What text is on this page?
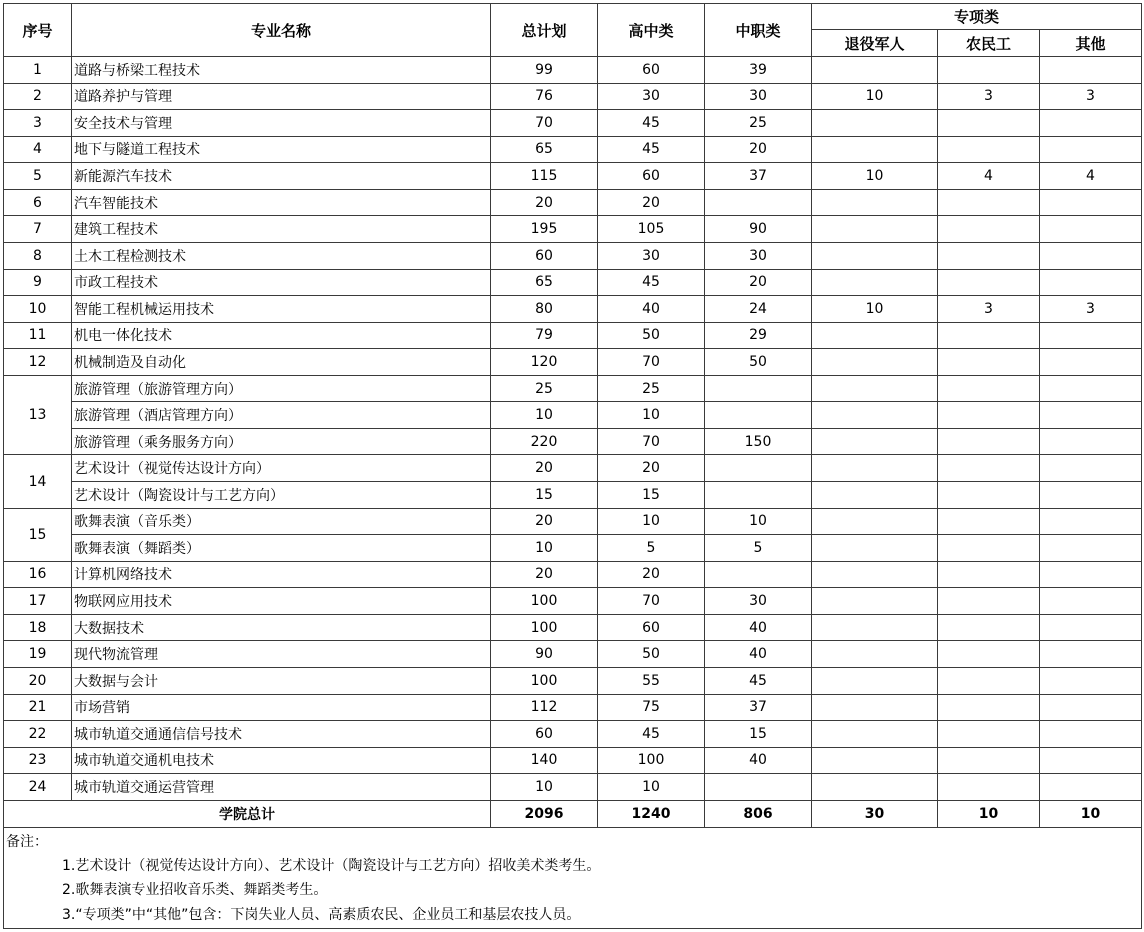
序号	专业名称	总计划	高中类	中职类	专项类		
					退役军人	农民工	其他
1	道路与桥梁工程技术	99	60	39			
2	道路养护与管理	76	30	30	10	3	3
3	安全技术与管理	70	45	25			
4	地下与隧道工程技术	65	45	20			
5	新能源汽车技术	115	60	37	10	4	4
6	汽车智能技术	20	20				
7	建筑工程技术	195	105	90			
8	土木工程检测技术	60	30	30			
9	市政工程技术	65	45	20			
10	智能工程机械运用技术	80	40	24	10	3	3
11	机电一体化技术	79	50	29			
12	机械制造及自动化	120	70	50			
13	旅游管理（旅游管理方向）	25	25				
	旅游管理（酒店管理方向）	10	10				
	旅游管理（乘务服务方向）	220	70	150			
14	艺术设计（视觉传达设计方向）	20	20				
	艺术设计（陶瓷设计与工艺方向）	15	15				
15	歌舞表演（音乐类）	20	10	10			
	歌舞表演（舞蹈类）	10	5	5			
16	计算机网络技术	20	20				
17	物联网应用技术	100	70	30			
18	大数据技术	100	60	40			
19	现代物流管理	90	50	40			
20	大数据与会计	100	55	45			
21	市场营销	112	75	37			
22	城市轨道交通通信信号技术	60	45	15			
23	城市轨道交通机电技术	140	100	40			
24	城市轨道交通运营管理	10	10				
学院总计		2096	1240	806	30	10	10

备注：
1.艺术设计（视觉传达设计方向）、艺术设计（陶瓷设计与工艺方向）招收美术类考生。
2.歌舞表演专业招收音乐类、舞蹈类考生。
3.“专项类”中“其他”包含：下岗失业人员、高素质农民、企业员工和基层农技人员。							
